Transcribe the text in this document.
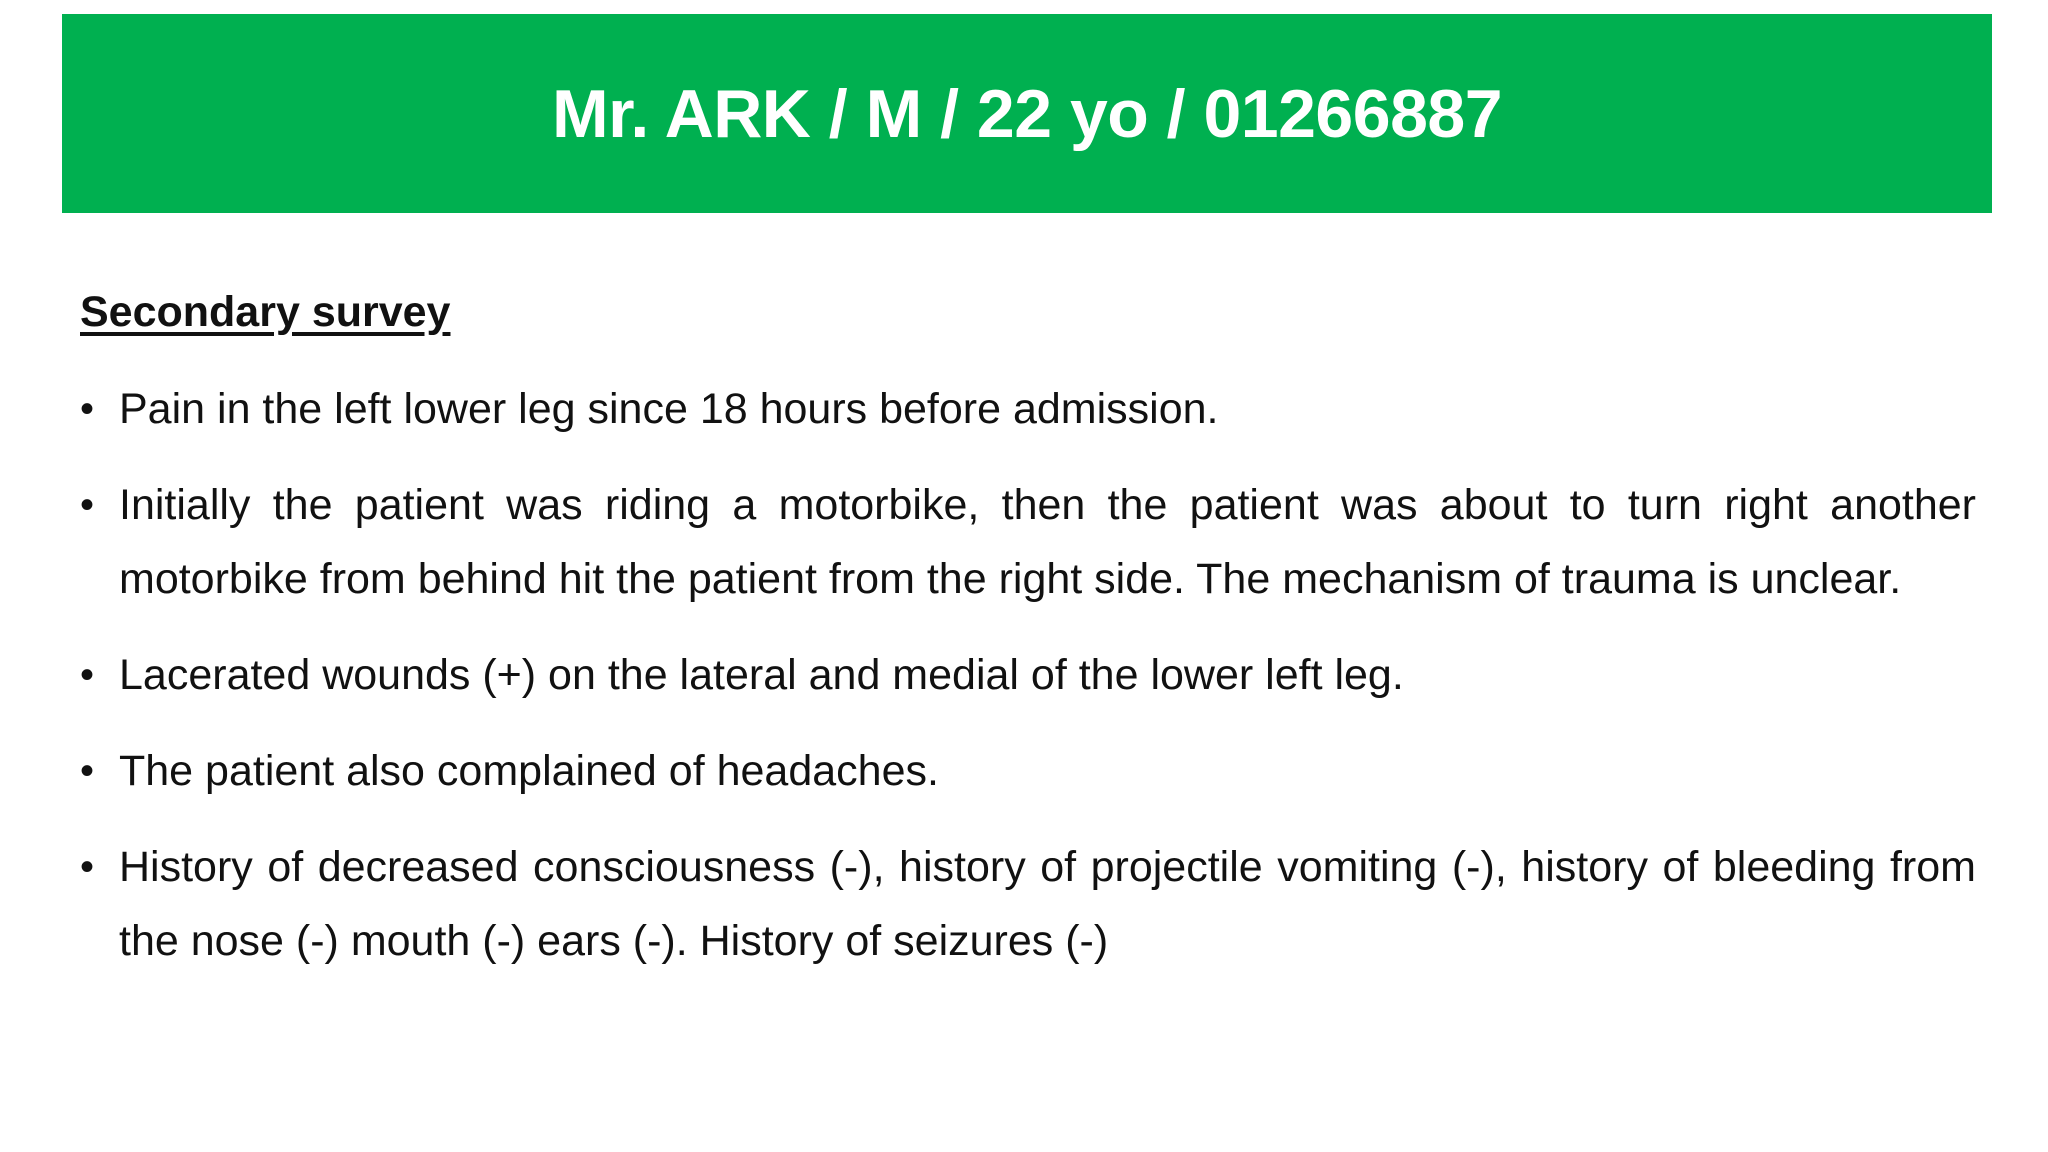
Mr. ARK / M / 22 yo / 01266887
Secondary survey
• Pain in the left lower leg since 18 hours before admission.
• Initially the patient was riding a motorbike, then the patient was about to turn right another motorbike from behind hit the patient from the right side. The mechanism of trauma is unclear.
• Lacerated wounds (+) on the lateral and medial of the lower left leg.
• The patient also complained of headaches.
• History of decreased consciousness (-), history of projectile vomiting (-), history of bleeding from the nose (-) mouth (-) ears (-). History of seizures (-)
